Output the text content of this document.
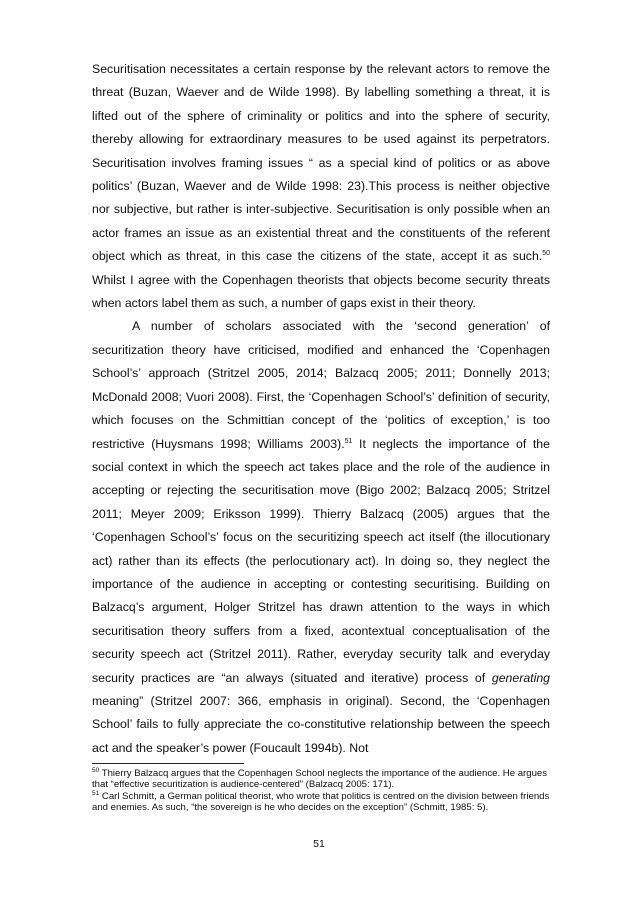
Securitisation necessitates a certain response by the relevant actors to remove the threat (Buzan, Waever and de Wilde 1998). By labelling something a threat, it is lifted out of the sphere of criminality or politics and into the sphere of security, thereby allowing for extraordinary measures to be used against its perpetrators. Securitisation involves framing issues “ as a special kind of politics or as above politics’ (Buzan, Waever and de Wilde 1998: 23).This process is neither objective nor subjective, but rather is inter-subjective. Securitisation is only possible when an actor frames an issue as an existential threat and the constituents of the referent object which as threat, in this case the citizens of the state, accept it as such.$^{50}$ Whilst I agree with the Copenhagen theorists that objects become security threats when actors label them as such, a number of gaps exist in their theory.

A number of scholars associated with the ‘second generation’ of securitization theory have criticised, modified and enhanced the ‘Copenhagen School’s’ approach (Stritzel 2005, 2014; Balzacq 2005; 2011; Donnelly 2013; McDonald 2008; Vuori 2008). First, the ‘Copenhagen School’s’ definition of security, which focuses on the Schmittian concept of the ‘politics of exception,’ is too restrictive (Huysmans 1998; Williams 2003).$^{51}$ It neglects the importance of the social context in which the speech act takes place and the role of the audience in accepting or rejecting the securitisation move (Bigo 2002; Balzacq 2005; Stritzel 2011; Meyer 2009; Eriksson 1999). Thierry Balzacq (2005) argues that the ‘Copenhagen School’s’ focus on the securitizing speech act itself (the illocutionary act) rather than its effects (the perlocutionary act). In doing so, they neglect the importance of the audience in accepting or contesting securitising. Building on Balzacq’s argument, Holger Stritzel has drawn attention to the ways in which securitisation theory suffers from a fixed, acontextual conceptualisation of the security speech act (Stritzel 2011). Rather, everyday security talk and everyday security practices are “an always (situated and iterative) process of generating meaning” (Stritzel 2007: 366, emphasis in original). Second, the ‘Copenhagen School’ fails to fully appreciate the co-constitutive relationship between the speech act and the speaker’s power (Foucault 1994b). Not

$^{50}$ Thierry Balzacq argues that the Copenhagen School neglects the importance of the audience. He argues that “effective securitization is audience-centered” (Balzacq 2005: 171).

$^{51}$ Carl Schmitt, a German political theorist, who wrote that politics is centred on the division between friends and enemies. As such, “the sovereign is he who decides on the exception” (Schmitt, 1985: 5).

51
